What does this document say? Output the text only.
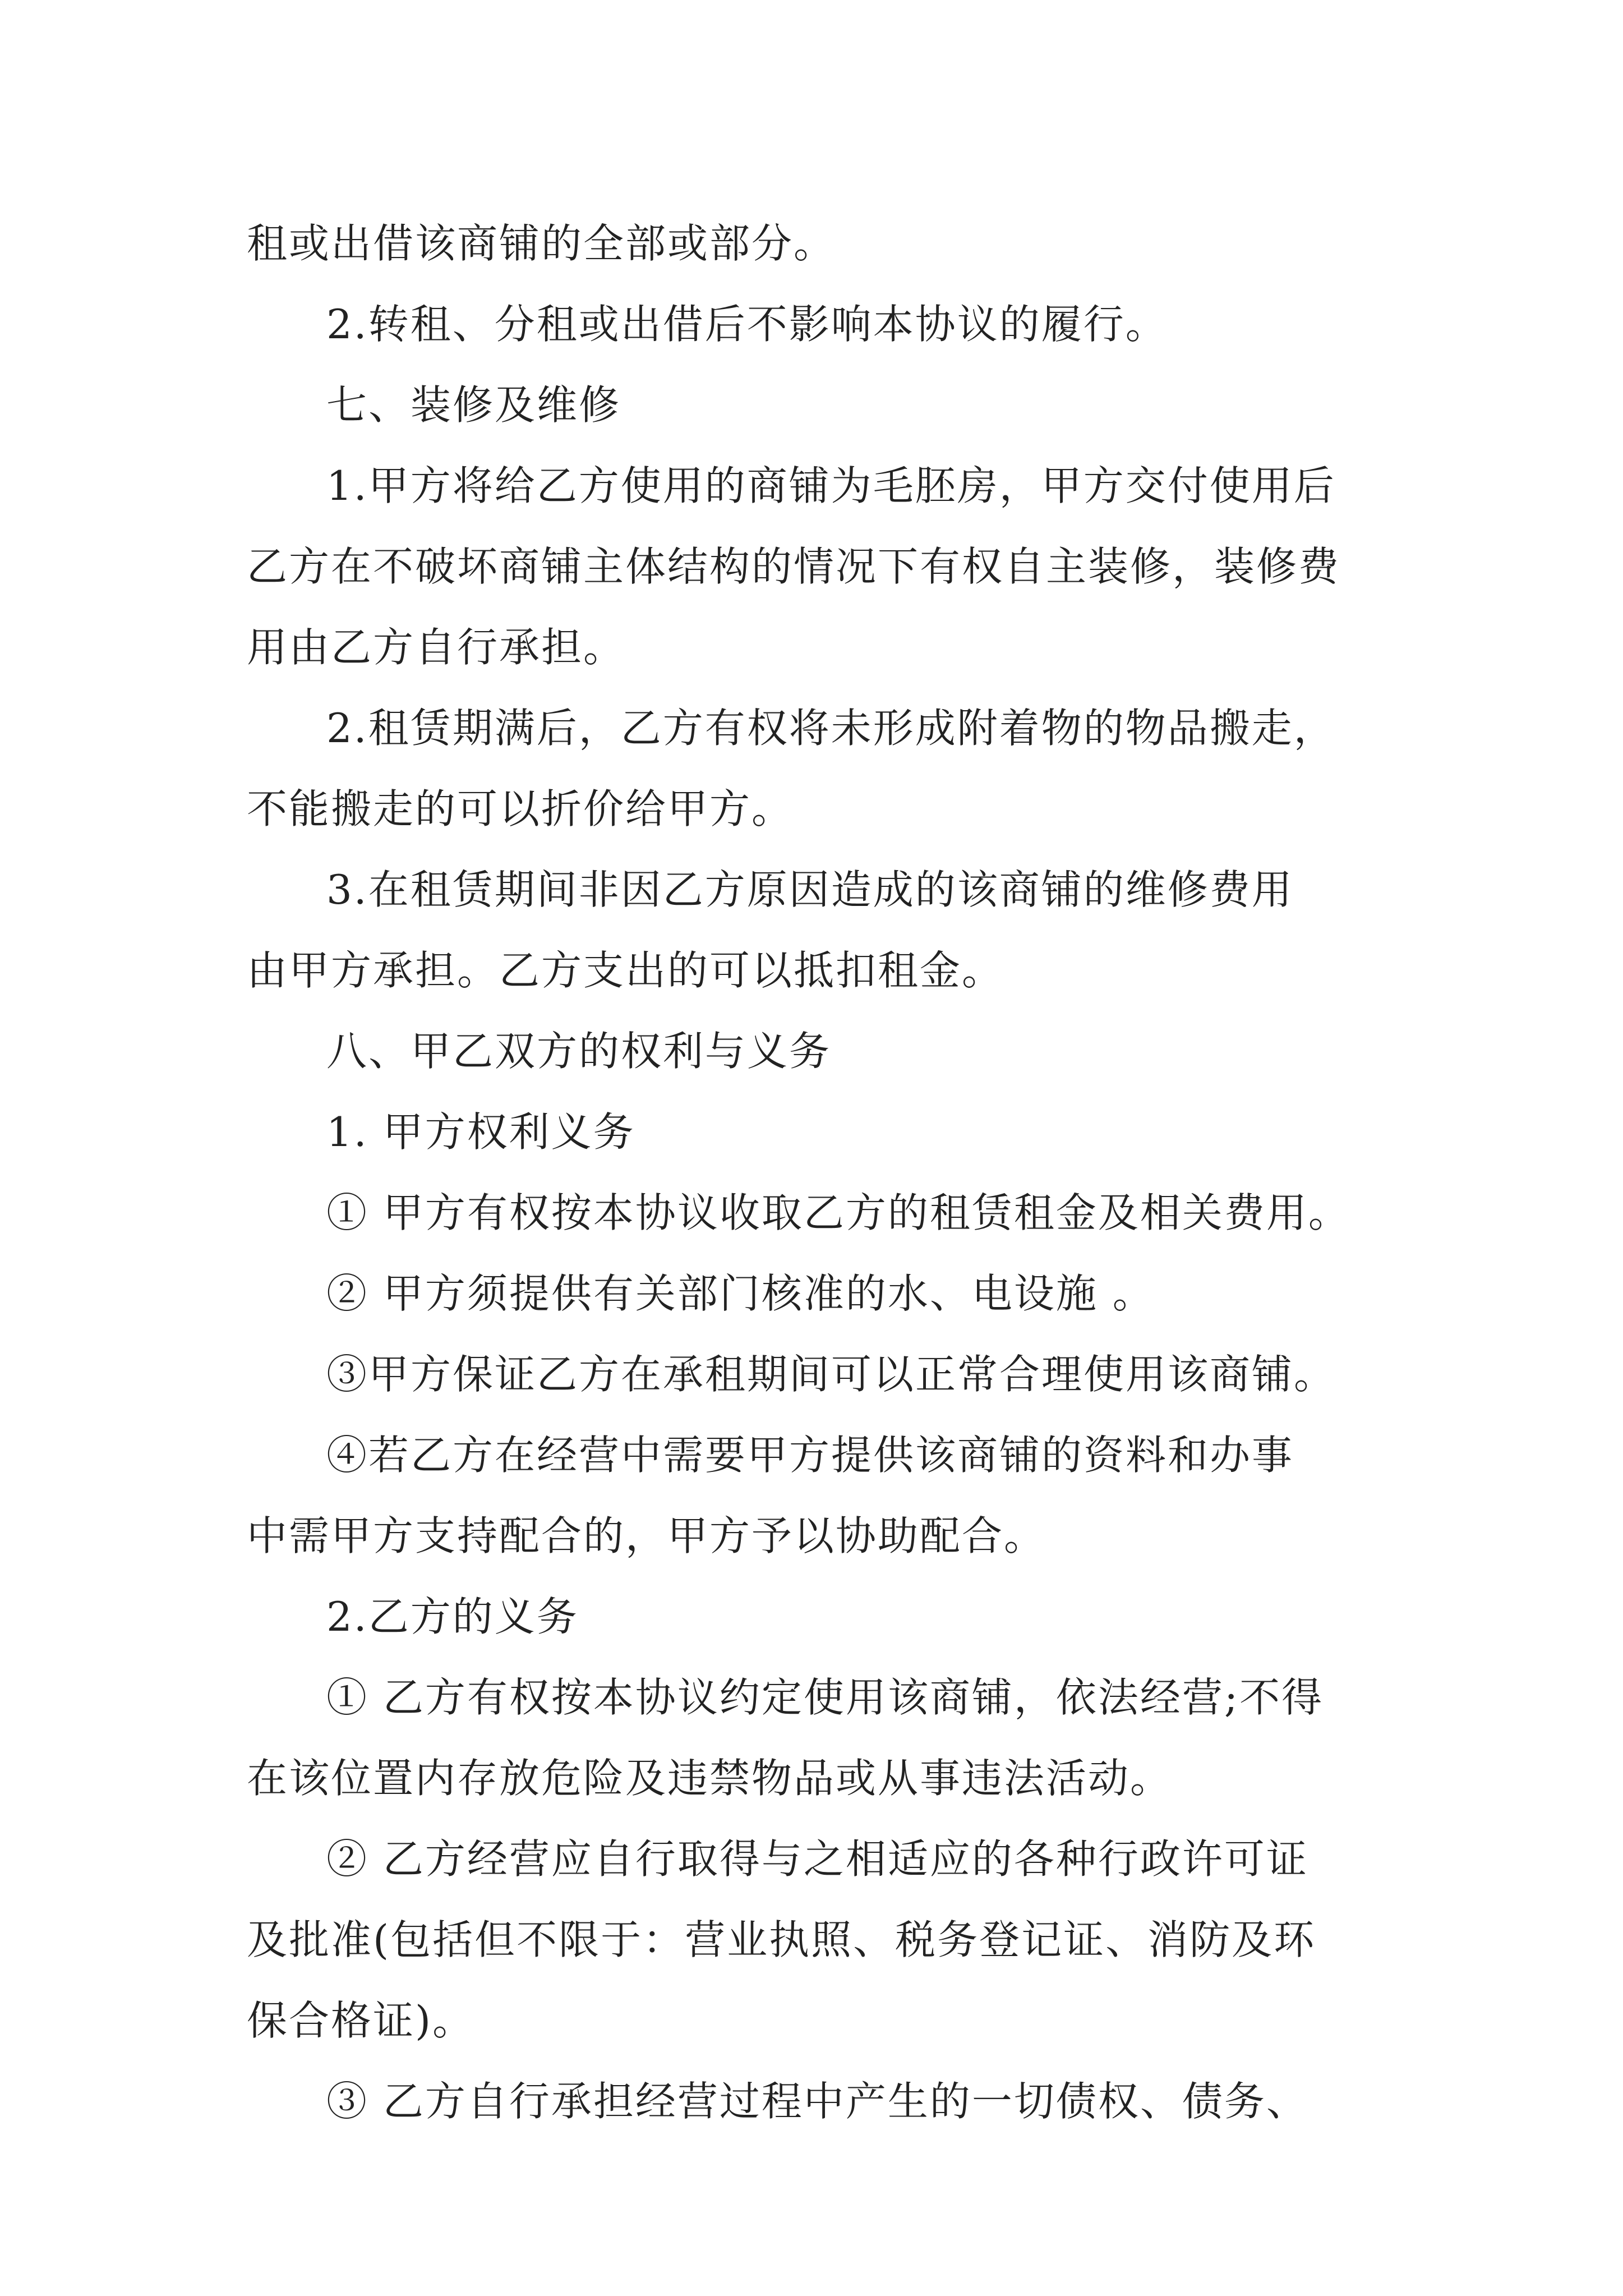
租或出借该商铺的全部或部分。
2.转租、分租或出借后不影响本协议的履行。
七、装修及维修
1.甲方将给乙方使用的商铺为毛胚房，甲方交付使用后
乙方在不破坏商铺主体结构的情况下有权自主装修，装修费
用由乙方自行承担。
2.租赁期满后，乙方有权将未形成附着物的物品搬走，
不能搬走的可以折价给甲方。
3.在租赁期间非因乙方原因造成的该商铺的维修费用
由甲方承担。乙方支出的可以抵扣租金。
八、甲乙双方的权利与义务
1. 甲方权利义务
① 甲方有权按本协议收取乙方的租赁租金及相关费用。
② 甲方须提供有关部门核准的水、电设施 。
③甲方保证乙方在承租期间可以正常合理使用该商铺。
④若乙方在经营中需要甲方提供该商铺的资料和办事
中需甲方支持配合的，甲方予以协助配合。
2.乙方的义务
① 乙方有权按本协议约定使用该商铺，依法经营;不得
在该位置内存放危险及违禁物品或从事违法活动。
② 乙方经营应自行取得与之相适应的各种行政许可证
及批准(包括但不限于：营业执照、税务登记证、消防及环
保合格证)。
③ 乙方自行承担经营过程中产生的一切债权、债务、
